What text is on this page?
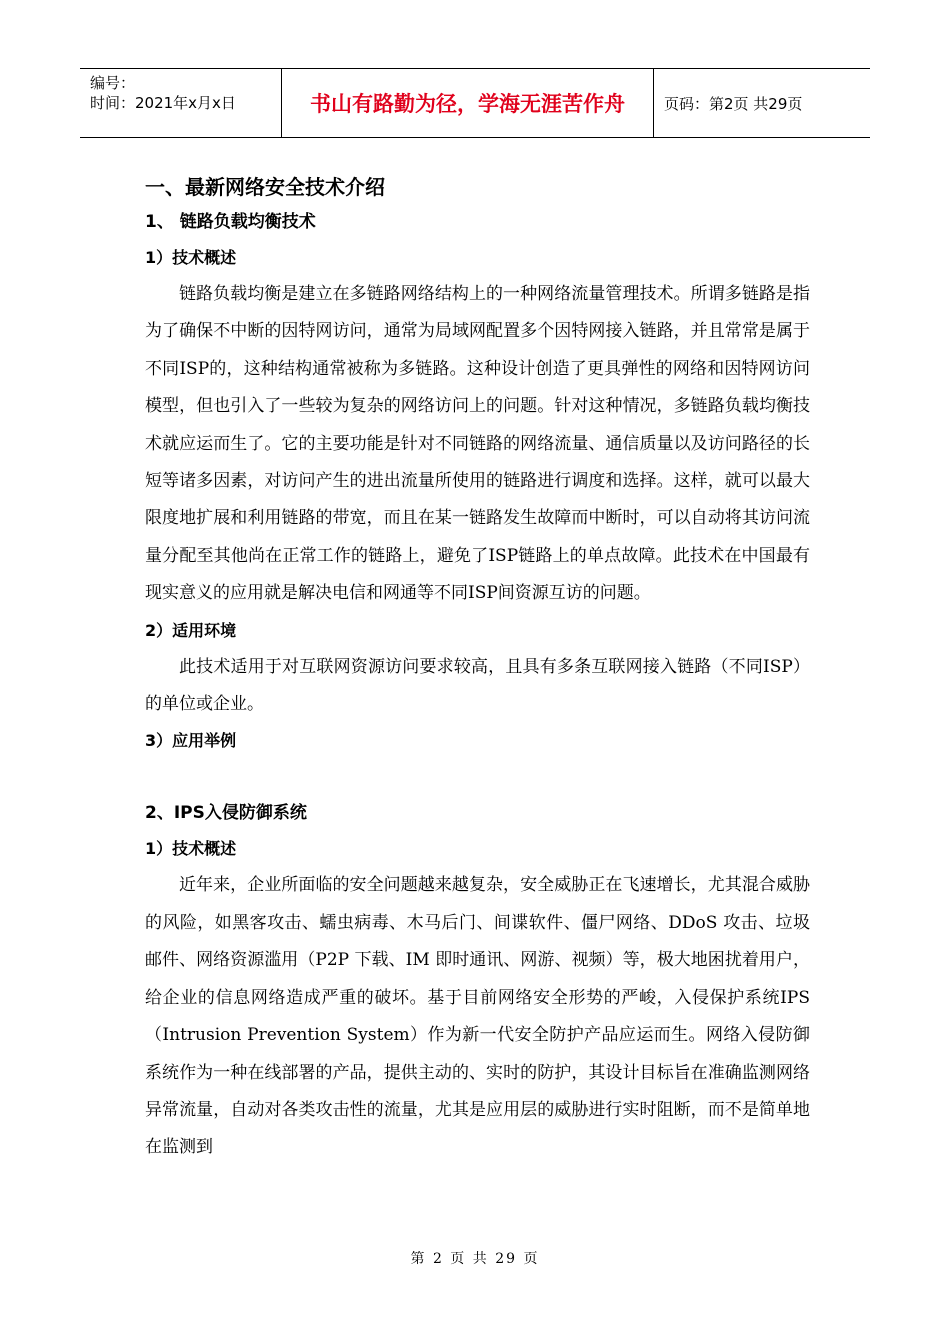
编号：
时间：2021年x月x日	书山有路勤为径，学海无涯苦作舟	页码：第2页 共29页
一、最新网络安全技术介绍
1、 链路负载均衡技术
1）技术概述

链路负载均衡是建立在多链路网络结构上的一种网络流量管理技术。所谓多链路是指为了确保不中断的因特网访问，通常为局域网配置多个因特网接入链路，并且常常是属于不同ISP的，这种结构通常被称为多链路。这种设计创造了更具弹性的网络和因特网访问模型，但也引入了一些较为复杂的网络访问上的问题。针对这种情况，多链路负载均衡技术就应运而生了。它的主要功能是针对不同链路的网络流量、通信质量以及访问路径的长短等诸多因素，对访问产生的进出流量所使用的链路进行调度和选择。这样，就可以最大限度地扩展和利用链路的带宽，而且在某一链路发生故障而中断时，可以自动将其访问流量分配至其他尚在正常工作的链路上，避免了ISP链路上的单点故障。此技术在中国最有现实意义的应用就是解决电信和网通等不同ISP间资源互访的问题。

2）适用环境

此技术适用于对互联网资源访问要求较高，且具有多条互联网接入链路（不同ISP）的单位或企业。

3）应用举例
2、IPS入侵防御系统
1）技术概述

近年来，企业所面临的安全问题越来越复杂，安全威胁正在飞速增长，尤其混合威胁的风险，如黑客攻击、蠕虫病毒、木马后门、间谍软件、僵尸网络、DDoS 攻击、垃圾邮件、网络资源滥用（P2P 下载、IM 即时通讯、网游、视频）等，极大地困扰着用户，给企业的信息网络造成严重的破坏。基于目前网络安全形势的严峻，入侵保护系统IPS（Intrusion Prevention System）作为新一代安全防护产品应运而生。网络入侵防御系统作为一种在线部署的产品，提供主动的、实时的防护，其设计目标旨在准确监测网络异常流量，自动对各类攻击性的流量，尤其是应用层的威胁进行实时阻断，而不是简单地在监测到

第 2 页 共 29 页
